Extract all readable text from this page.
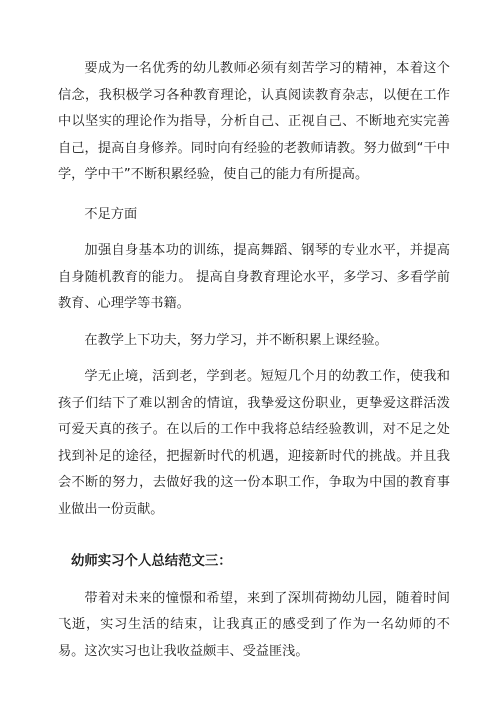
要成为一名优秀的幼儿教师必须有刻苦学习的精神，本着这个信念，我积极学习各种教育理论，认真阅读教育杂志，以便在工作中以坚实的理论作为指导，分析自己、正视自己、不断地充实完善自己，提高自身修养。同时向有经验的老教师请教。努力做到“干中学，学中干”不断积累经验，使自己的能力有所提高。

不足方面

加强自身基本功的训练，提高舞蹈、钢琴的专业水平，并提高自身随机教育的能力。 提高自身教育理论水平，多学习、多看学前教育、心理学等书籍。

在教学上下功夫，努力学习，并不断积累上课经验。

学无止境，活到老，学到老。短短几个月的幼教工作，使我和孩子们结下了难以割舍的情谊，我挚爱这份职业，更挚爱这群活泼可爱天真的孩子。在以后的工作中我将总结经验教训，对不足之处找到补足的途径，把握新时代的机遇，迎接新时代的挑战。并且我会不断的努力，去做好我的这一份本职工作，争取为中国的教育事业做出一份贡献。

幼师实习个人总结范文三：

带着对未来的憧憬和希望，来到了深圳荷拗幼儿园，随着时间飞逝，实习生活的结束，让我真正的感受到了作为一名幼师的不易。这次实习也让我收益颇丰、受益匪浅。
